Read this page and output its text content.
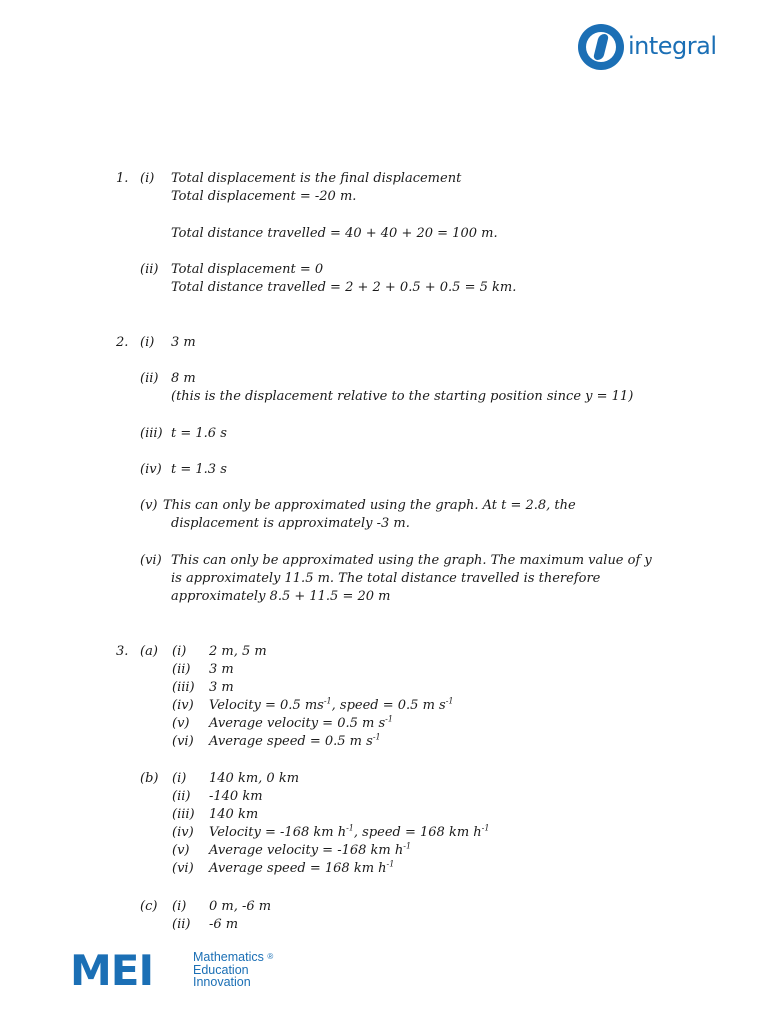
integral
1. (i) Total displacement is the final displacement
Total displacement = -20 m.
Total distance travelled = 40 + 40 + 20 = 100 m.
(ii) Total displacement = 0
Total distance travelled = 2 + 2 + 0.5 + 0.5 = 5 km.
2. (i) 3 m
(ii) 8 m
(this is the displacement relative to the starting position since y = 11)
(iii) t = 1.6 s
(iv) t = 1.3 s
(v) This can only be approximated using the graph. At t = 2.8, the
displacement is approximately -3 m.
(vi) This can only be approximated using the graph. The maximum value of y
is approximately 11.5 m. The total distance travelled is therefore
approximately 8.5 + 11.5 = 20 m
3. (a) (i) 2 m, 5 m
(ii) 3 m
(iii) 3 m
(iv) Velocity = 0.5 $ms^{-1}$, speed = 0.5 m $s^{-1}$
(v) Average velocity = 0.5 m $s^{-1}$
(vi) Average speed = 0.5 m $s^{-1}$
(b) (i) 140 km, 0 km
(ii) -140 km
(iii) 140 km
(iv) Velocity = -168 km $h^{-1}$, speed = 168 km $h^{-1}$
(v) Average velocity = -168 km $h^{-1}$
(vi) Average speed = 168 km $h^{-1}$
(c) (i) 0 m, -6 m
(ii) -6 m
MEI	Mathematics ®
Education
Innovation
